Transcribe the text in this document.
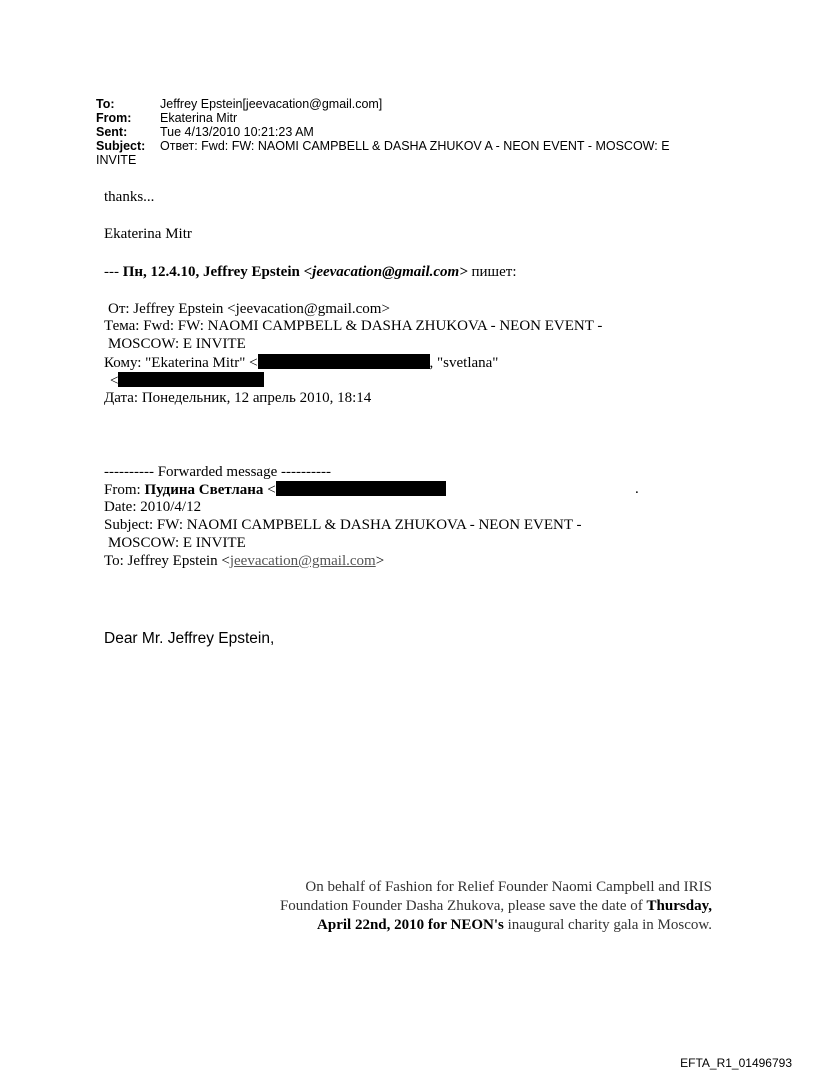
To:	Jeffrey Epstein[jeevacation@gmail.com]
From: Ekaterina Mitr
Sent:	Tue 4/13/2010 10:21:23 AM
Subject: Ответ: Fwd: FW: NAOMI CAMPBELL & DASHA ZHUKOV A - NEON EVENT - MOSCOW: E
INVITE
thanks...
Ekaterina Mitr
--- Пн, 12.4.10, Jeffrey Epstein <jeevacation@gmail.com> пишет:
От: Jeffrey Epstein <jeevacation@gmail.com>
Тема: Fwd: FW: NAOMI CAMPBELL & DASHA ZHUKOVA - NEON EVENT -
MOSCOW: E INVITE
Кому: "Ekaterina Mitr" <	, "svetlana"
<
Дата: Понедельник, 12 апрель 2010, 18:14
---------- Forwarded message ----------
From: Пудина Светлана <	.
Date: 2010/4/12
Subject: FW: NAOMI CAMPBELL & DASHA ZHUKOVA - NEON EVENT -
MOSCOW: E INVITE
To: Jeffrey Epstein <jeevacation@gmail.com>
Dear Mr. Jeffrey Epstein,
On behalf of Fashion for Relief Founder Naomi Campbell and IRIS
Foundation Founder Dasha Zhukova, please save the date of Thursday,
April 22nd, 2010 for NEON's inaugural charity gala in Moscow.
EFTA_R1_01496793
